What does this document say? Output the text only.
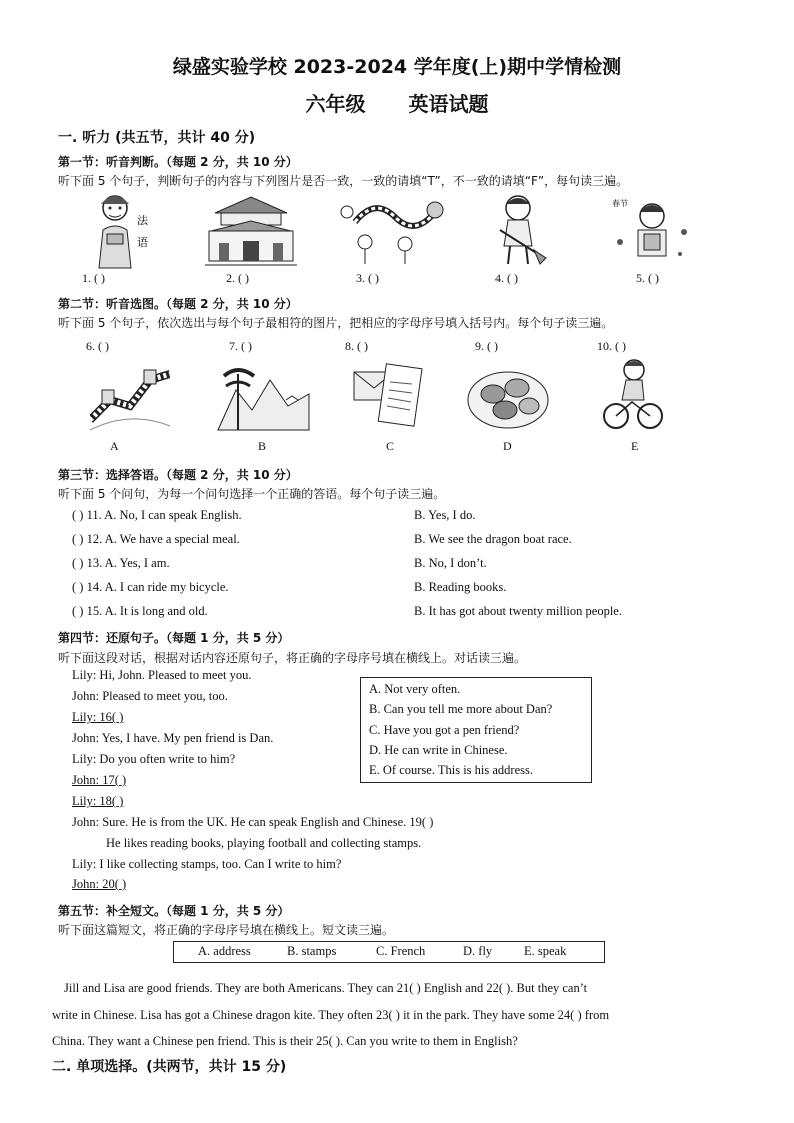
绿盛实验学校 2023-2024 学年度(上)期中学情检测
六年级 英语试题
一. 听力 (共五节，共计 40 分)
第一节：听音判断。（每题 2 分，共 10 分）
听下面 5 个句子，判断句子的内容与下列图片是否一致，一致的请填“T”，不一致的请填“F”，每句读三遍。
法
语
春节
1. ( )	2. ( )	3. ( )	4. ( )	5. ( )
第二节：听音选图。（每题 2 分，共 10 分）
听下面 5 个句子，依次选出与每个句子最相符的图片，把相应的字母序号填入括号内。每个句子读三遍。
6. ( )	7. ( )	8. ( )	9. ( )	10. ( )
A	B	C	D	E
第三节：选择答语。（每题 2 分，共 10 分）
听下面 5 个问句，为每一个问句选择一个正确的答语。每个句子读三遍。
( ) 11. A. No, I can speak English.	B. Yes, I do.
( ) 12. A. We have a special meal.	B. We see the dragon boat race.
( ) 13. A. Yes, I am.	B. No, I don’t.
( ) 14. A. I can ride my bicycle.	B. Reading books.
( ) 15. A. It is long and old.	B. It has got about twenty million people.
第四节：还原句子。（每题 1 分，共 5 分）
听下面这段对话，根据对话内容还原句子，将正确的字母序号填在横线上。对话读三遍。
Lily: Hi, John. Pleased to meet you.
John: Pleased to meet you, too.
Lily: 16( )
John: Yes, I have. My pen friend is Dan.
Lily: Do you often write to him?
John: 17( )
Lily: 18( )
John: Sure. He is from the UK. He can speak English and Chinese. 19( )
He likes reading books, playing football and collecting stamps.
Lily: I like collecting stamps, too. Can I write to him?
John: 20( )
A. Not very often.
B. Can you tell me more about Dan?
C. Have you got a pen friend?
D. He can write in Chinese.
E. Of course. This is his address.
第五节：补全短文。（每题 1 分，共 5 分）
听下面这篇短文，将正确的字母序号填在横线上。短文读三遍。
A. address	B. stamps	C. French	D. fly	E. speak
Jill and Lisa are good friends. They are both Americans. They can 21( ) English and 22( ). But they can’t
write in Chinese. Lisa has got a Chinese dragon kite. They often 23( ) it in the park. They have some 24( ) from
China. They want a Chinese pen friend. This is their 25( ). Can you write to them in English?
二. 单项选择。(共两节，共计 15 分)
